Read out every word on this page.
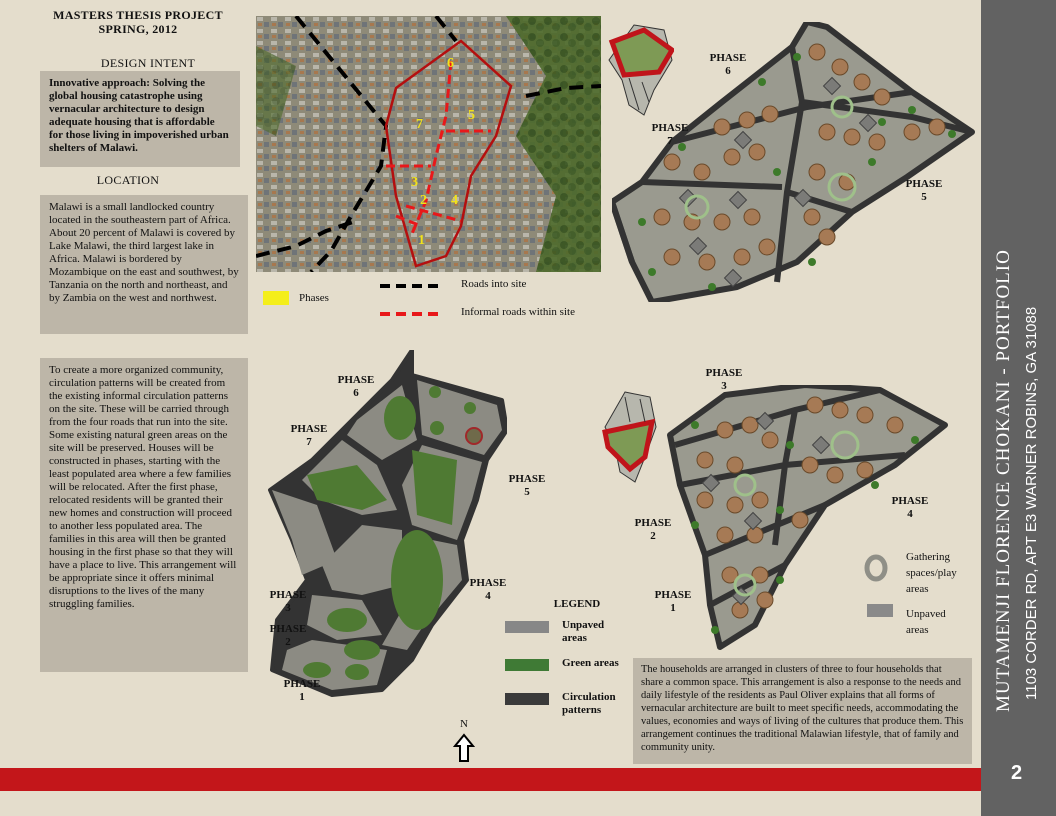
MASTERS THESIS PROJECT
SPRING, 2012
DESIGN INTENT
Innovative approach: Solving the global housing catastrophe using vernacular architecture to design adequate housing that is affordable for those living in impoverished urban shelters of Malawi.
LOCATION
Malawi is a small landlocked country located in the southeastern part of Africa. About 20 percent of Malawi is covered by Lake Malawi, the third largest lake in Africa. Malawi is bordered by Mozambique on the east and southwest, by Tanzania on the north and northeast, and by Zambia on the west and northwest.
To create a more organized community, circulation patterns will be created from the existing informal circulation patterns on the site. These will be carried through from the four roads that run into the site. Some existing natural green areas on the site will be preserved. Houses will be constructed in phases, starting with the least populated area where a few families will be relocated. After the first phase, relocated residents will be granted their new homes and construction will proceed to another less populated area. The families in this area will then be granted housing in the first phase so that they will have a place to live. This arrangement will be appropriate since it offers minimal disruptions to the lives of the many struggling families.
6
5
7
3
2 4
1
Phases
Roads into site
Informal roads within site
PHASE 6
PHASE 7
PHASE 5
PHASE 6
PHASE 7
PHASE 5
PHASE 4
PHASE 3
PHASE 2
PHASE 1
LEGEND
Unpaved areas
Green areas
Circulation patterns
N
PHASE 3
PHASE 4
PHASE 2
PHASE 1
Gathering spaces/play areas
Unpaved areas
The households are arranged in clusters of three to four households that share a common space. This arrangement is also a response to the needs and daily lifestyle of the residents as Paul Oliver explains that all forms of vernacular architecture are built to meet specific needs, accommodating the values, economies and ways of living of the cultures that produce them. This arrangement continues the traditional Malawian lifestyle, that of family and community unity.
MUTAMENJI FLORENCE CHOKANI - PORTFOLIO 1103 CORDER RD, APT E3 WARNER ROBINS, GA 31088
2
